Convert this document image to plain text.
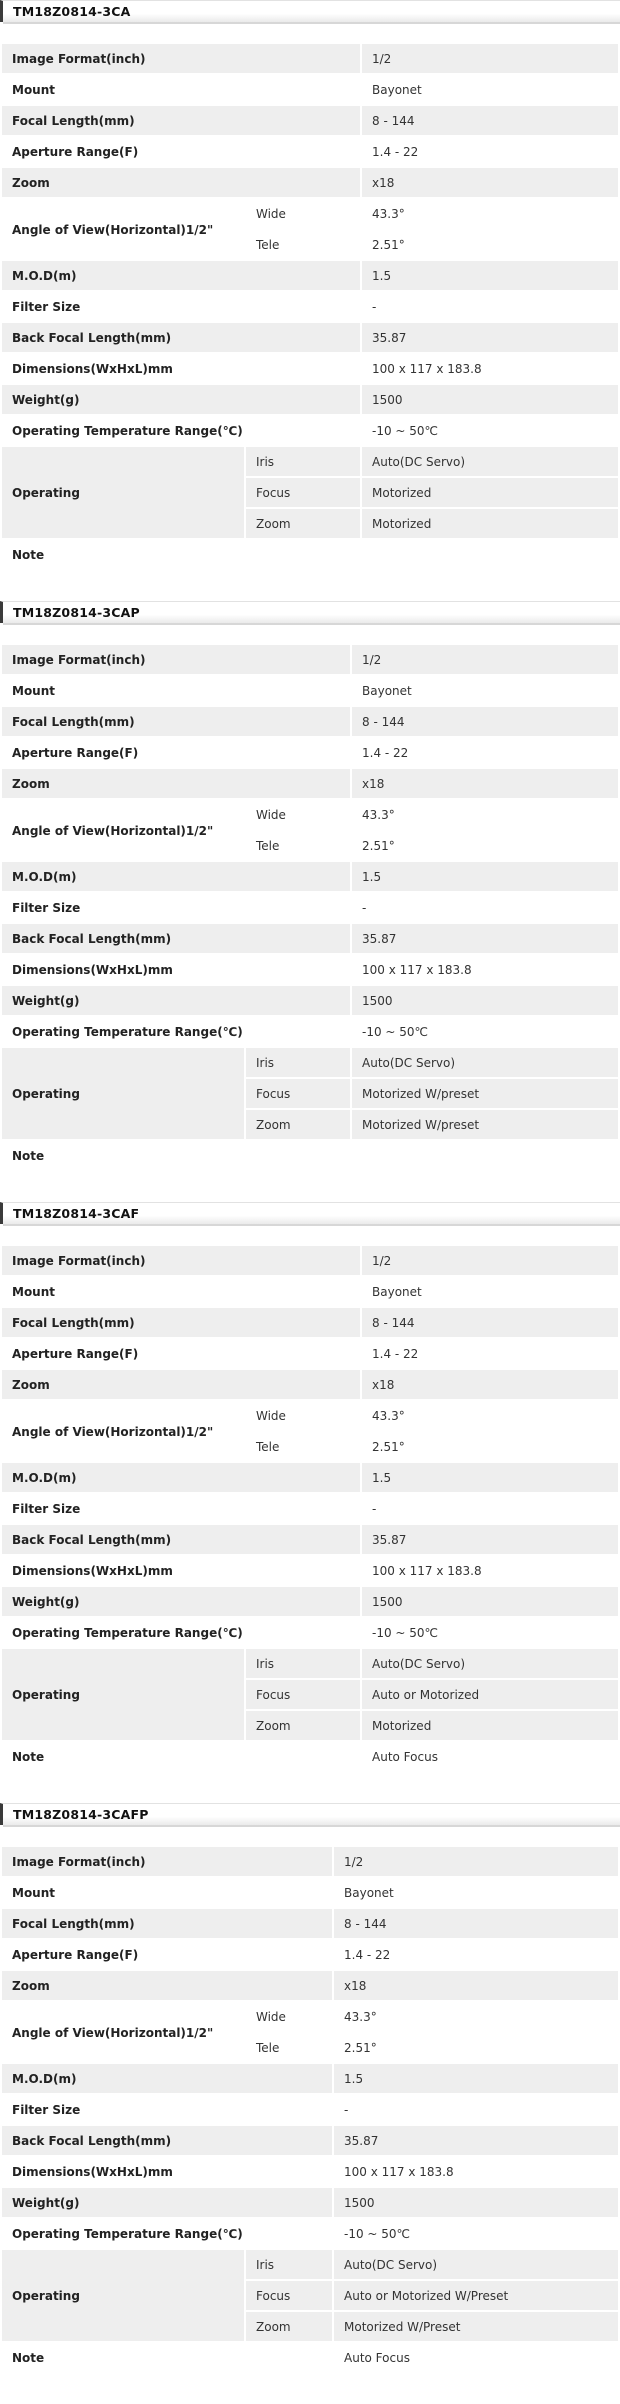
TM18Z0814-3CA
Image Format(inch)	1/2
Mount	Bayonet
Focal Length(mm)	8 - 144
Aperture Range(F)	1.4 - 22
Zoom	x18
Angle of View(Horizontal)1/2"
Wide	43.3°
Tele	2.51°
M.O.D(m)	1.5
Filter Size	-
Back Focal Length(mm)	35.87
Dimensions(WxHxL)mm	100 x 117 x 183.8
Weight(g)	1500
Operating Temperature Range(℃)	-10 ~ 50℃
Operating
Iris	Auto(DC Servo)
Focus	Motorized
Zoom	Motorized
Note
TM18Z0814-3CAP
Image Format(inch)	1/2
Mount	Bayonet
Focal Length(mm)	8 - 144
Aperture Range(F)	1.4 - 22
Zoom	x18
Angle of View(Horizontal)1/2"
Wide	43.3°
Tele	2.51°
M.O.D(m)	1.5
Filter Size	-
Back Focal Length(mm)	35.87
Dimensions(WxHxL)mm	100 x 117 x 183.8
Weight(g)	1500
Operating Temperature Range(℃)	-10 ~ 50℃
Operating
Iris	Auto(DC Servo)
Focus	Motorized W/preset
Zoom	Motorized W/preset
Note
TM18Z0814-3CAF
Image Format(inch)	1/2
Mount	Bayonet
Focal Length(mm)	8 - 144
Aperture Range(F)	1.4 - 22
Zoom	x18
Angle of View(Horizontal)1/2"
Wide	43.3°
Tele	2.51°
M.O.D(m)	1.5
Filter Size	-
Back Focal Length(mm)	35.87
Dimensions(WxHxL)mm	100 x 117 x 183.8
Weight(g)	1500
Operating Temperature Range(℃)	-10 ~ 50℃
Operating
Iris	Auto(DC Servo)
Focus	Auto or Motorized
Zoom	Motorized
Note	Auto Focus
TM18Z0814-3CAFP
Image Format(inch)	1/2
Mount	Bayonet
Focal Length(mm)	8 - 144
Aperture Range(F)	1.4 - 22
Zoom	x18
Angle of View(Horizontal)1/2"
Wide	43.3°
Tele	2.51°
M.O.D(m)	1.5
Filter Size	-
Back Focal Length(mm)	35.87
Dimensions(WxHxL)mm	100 x 117 x 183.8
Weight(g)	1500
Operating Temperature Range(℃)	-10 ~ 50℃
Operating
Iris	Auto(DC Servo)
Focus	Auto or Motorized W/Preset
Zoom	Motorized W/Preset
Note	Auto Focus
